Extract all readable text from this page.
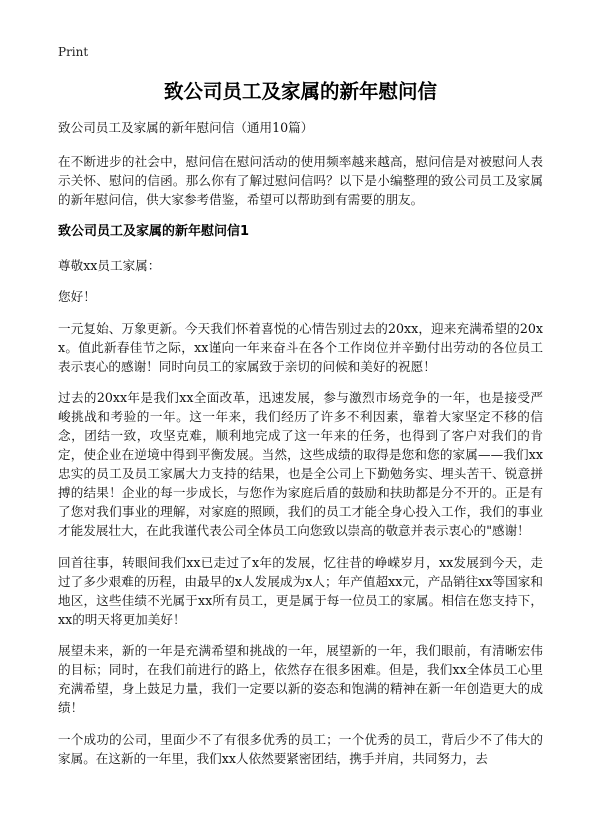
Print
致公司员工及家属的新年慰问信

致公司员工及家属的新年慰问信（通用10篇）

在不断进步的社会中，慰问信在慰问活动的使用频率越来越高，慰问信是对被慰问人表示关怀、慰问的信函。那么你有了解过慰问信吗？以下是小编整理的致公司员工及家属的新年慰问信，供大家参考借鉴，希望可以帮助到有需要的朋友。

致公司员工及家属的新年慰问信1

尊敬xx员工家属：

您好！

一元复始、万象更新。今天我们怀着喜悦的心情告别过去的20xx，迎来充满希望的20xx。值此新春佳节之际，xx谨向一年来奋斗在各个工作岗位并辛勤付出劳动的各位员工表示衷心的感谢！同时向员工的家属致于亲切的问候和美好的祝愿！

过去的20xx年是我们xx全面改革，迅速发展，参与激烈市场竞争的一年，也是接受严峻挑战和考验的一年。这一年来，我们经历了许多不利因素，靠着大家坚定不移的信念，团结一致，攻坚克难，顺利地完成了这一年来的任务，也得到了客户对我们的肯定，使企业在逆境中得到平衡发展。当然，这些成绩的取得是您和您的家属——我们xx忠实的员工及员工家属大力支持的结果，也是全公司上下勤勉务实、埋头苦干、锐意拼搏的结果！企业的每一步成长，与您作为家庭后盾的鼓励和扶助都是分不开的。正是有了您对我们事业的理解，对家庭的照顾，我们的员工才能全身心投入工作，我们的事业才能发展壮大，在此我谨代表公司全体员工向您致以崇高的敬意并表示衷心的"感谢！

回首往事，转眼间我们xx已走过了x年的发展，忆往昔的峥嵘岁月，xx发展到今天，走过了多少艰难的历程，由最早的x人发展成为x人；年产值超xx元，产品销往xx等国家和地区，这些佳绩不光属于xx所有员工，更是属于每一位员工的家属。相信在您支持下，xx的明天将更加美好！

展望未来，新的一年是充满希望和挑战的一年，展望新的一年，我们眼前，有清晰宏伟的目标；同时，在我们前进行的路上，依然存在很多困难。但是，我们xx全体员工心里充满希望，身上鼓足力量，我们一定要以新的姿态和饱满的精神在新一年创造更大的成绩！

一个成功的公司，里面少不了有很多优秀的员工；一个优秀的员工，背后少不了伟大的家属。在这新的一年里，我们xx人依然要紧密团结，携手并肩，共同努力，去
